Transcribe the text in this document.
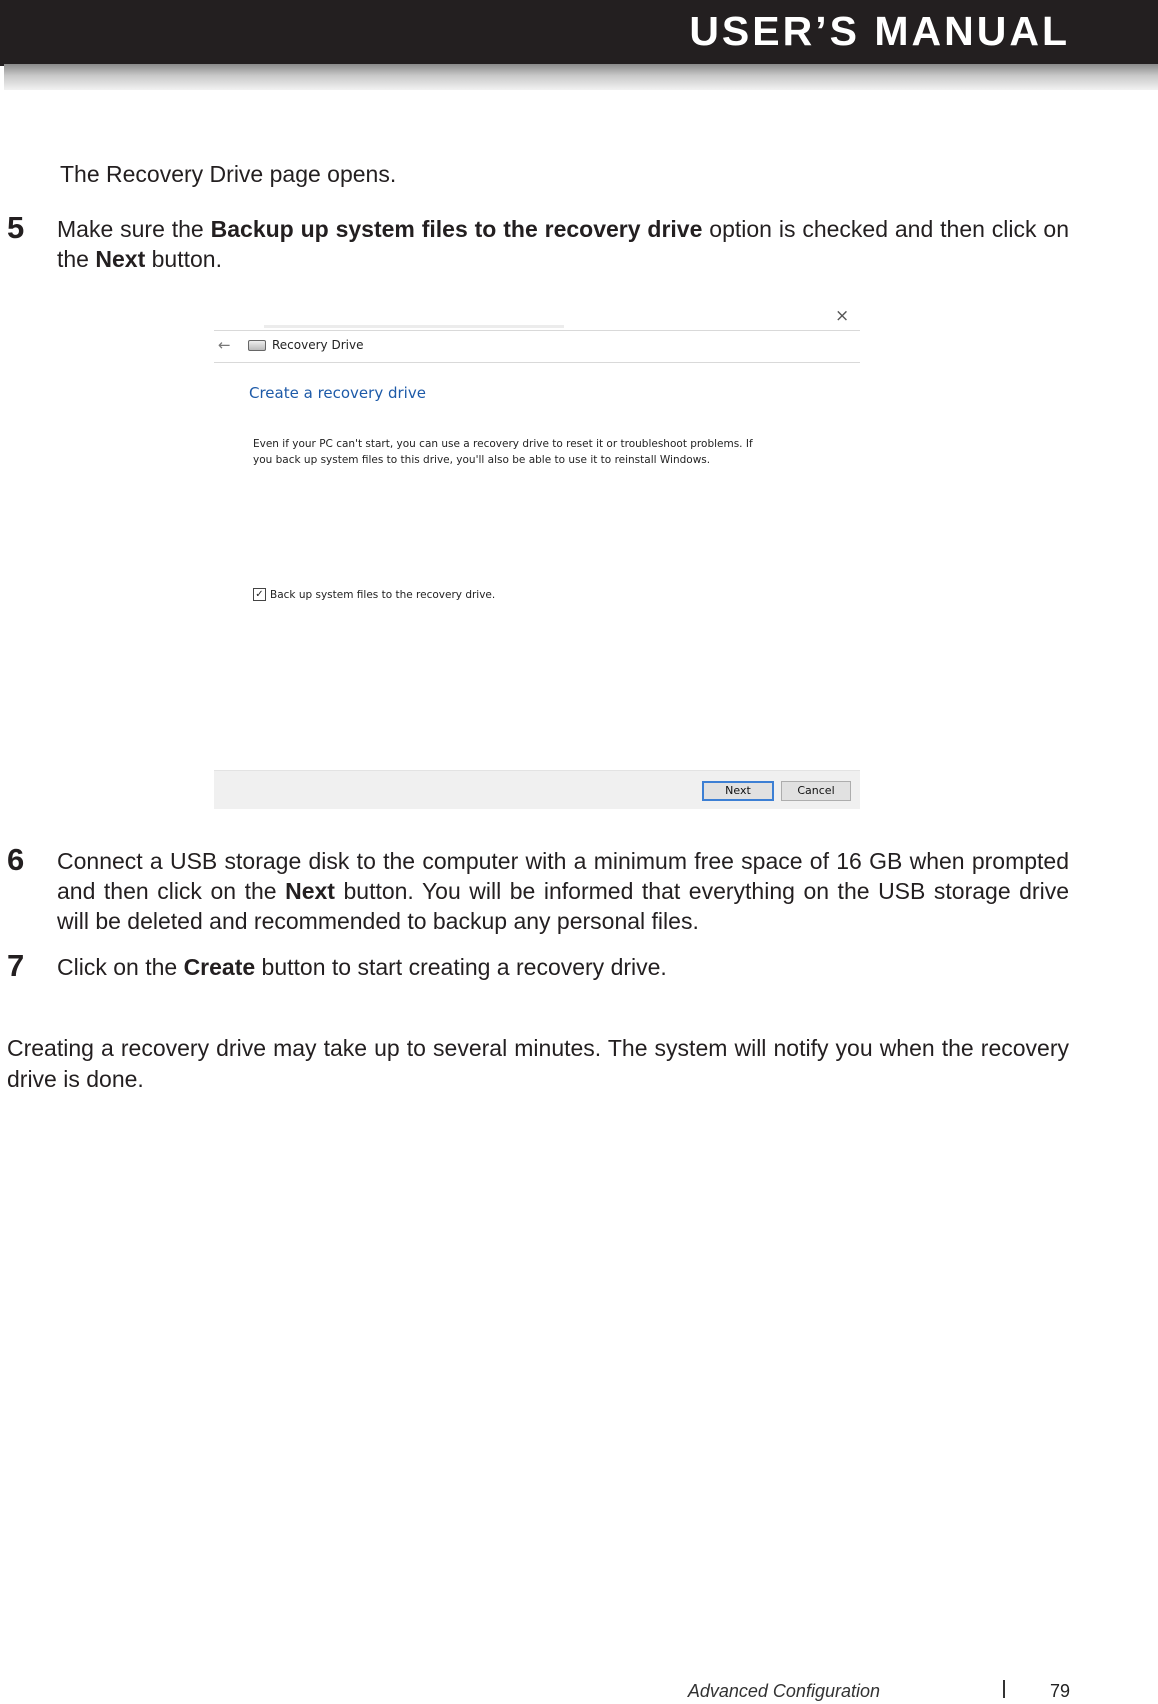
USER’S MANUAL
The Recovery Drive page opens.
5 Make sure the Backup up system files to the recovery drive option is checked and then click on the Next button.
×
←	Recovery Drive
Create a recovery drive
Even if your PC can't start, you can use a recovery drive to reset it or troubleshoot problems. If you back up system files to this drive, you'll also be able to use it to reinstall Windows.
✓ Back up system files to the recovery drive.
Next	Cancel
6 Connect a USB storage disk to the computer with a minimum free space of 16 GB when prompted and then click on the Next button. You will be informed that everything on the USB storage drive will be deleted and recommended to backup any personal files.
7 Click on the Create button to start creating a recovery drive.
Creating a recovery drive may take up to several minutes. The system will notify you when the recovery drive is done.
Advanced Configuration	79
